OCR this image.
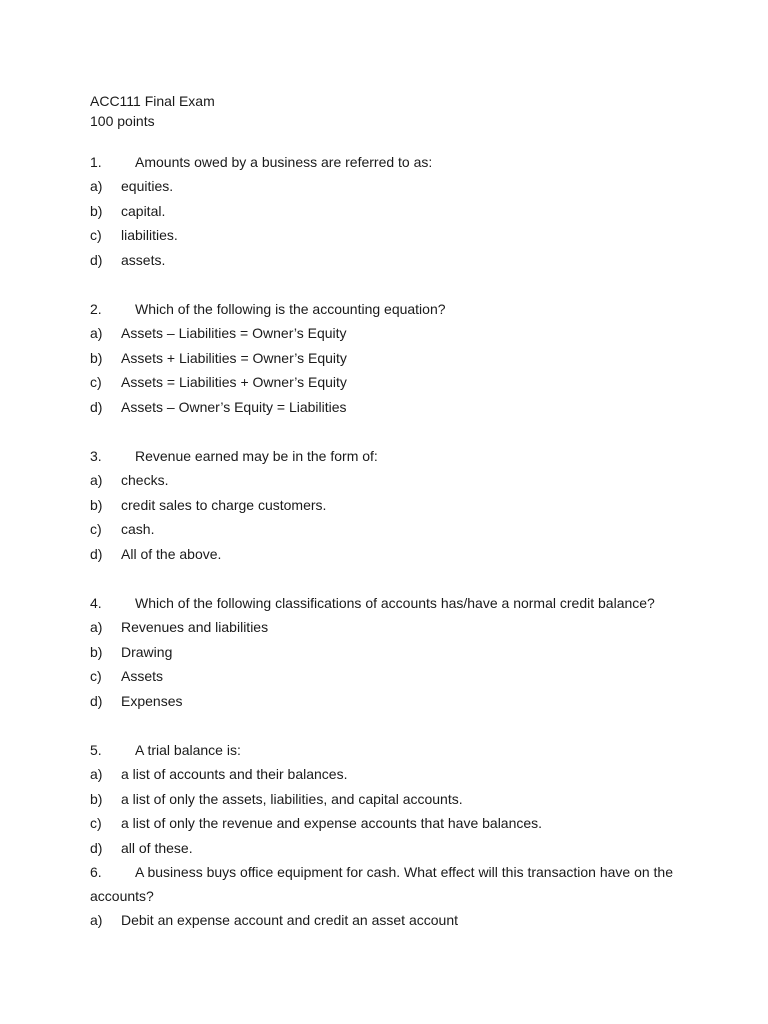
ACC111 Final Exam
100 points
1. Amounts owed by a business are referred to as:
a) equities.
b) capital.
c) liabilities.
d) assets.
2. Which of the following is the accounting equation?
a) Assets – Liabilities = Owner’s Equity
b) Assets + Liabilities = Owner’s Equity
c) Assets = Liabilities + Owner’s Equity
d) Assets – Owner’s Equity = Liabilities
3. Revenue earned may be in the form of:
a) checks.
b) credit sales to charge customers.
c) cash.
d) All of the above.
4. Which of the following classifications of accounts has/have a normal credit balance?
a) Revenues and liabilities
b) Drawing
c) Assets
d) Expenses
5. A trial balance is:
a) a list of accounts and their balances.
b) a list of only the assets, liabilities, and capital accounts.
c) a list of only the revenue and expense accounts that have balances.
d) all of these.
6. A business buys office equipment for cash. What effect will this transaction have on the accounts?
a) Debit an expense account and credit an asset account
